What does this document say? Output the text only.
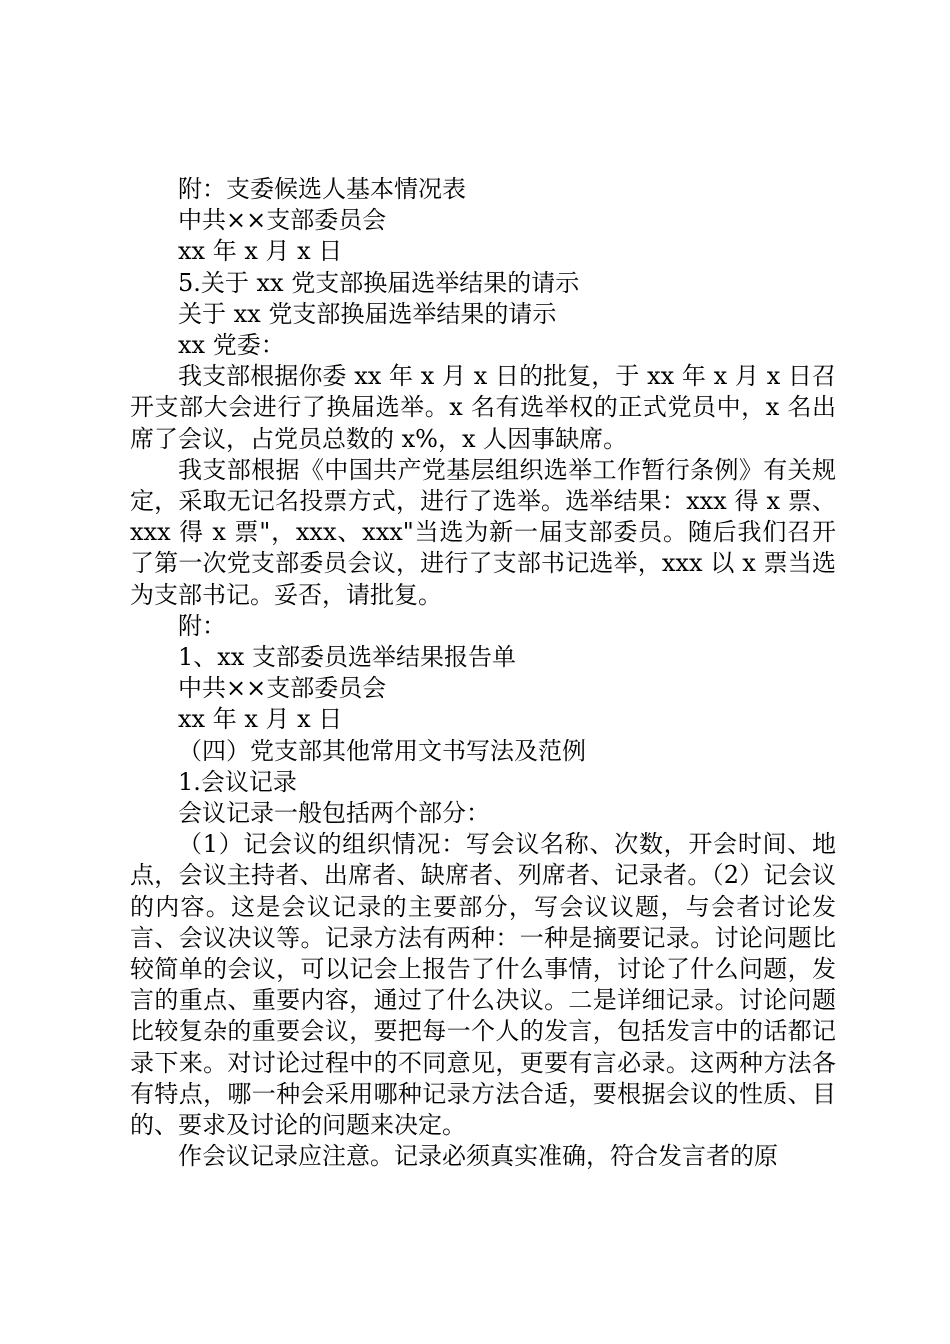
附：支委候选人基本情况表

中共××支部委员会

xx 年 x 月 x 日

5.关于 xx 党支部换届选举结果的请示

关于 xx 党支部换届选举结果的请示

xx 党委：

我支部根据你委 xx 年 x 月 x 日的批复，于 xx 年 x 月 x 日召开支部大会进行了换届选举。x 名有选举权的正式党员中，x 名出席了会议，占党员总数的 x%，x 人因事缺席。

我支部根据《中国共产党基层组织选举工作暂行条例》有关规定，采取无记名投票方式，进行了选举。选举结果：xxx 得 x 票、xxx 得 x 票"，xxx、xxx"当选为新一届支部委员。随后我们召开了第一次党支部委员会议，进行了支部书记选举，xxx 以 x 票当选为支部书记。妥否，请批复。

附：

1、xx 支部委员选举结果报告单

中共××支部委员会

xx 年 x 月 x 日

（四）党支部其他常用文书写法及范例

1.会议记录

会议记录一般包括两个部分：

（1）记会议的组织情况：写会议名称、次数，开会时间、地点，会议主持者、出席者、缺席者、列席者、记录者。（2）记会议的内容。这是会议记录的主要部分，写会议议题，与会者讨论发言、会议决议等。记录方法有两种：一种是摘要记录。讨论问题比较简单的会议，可以记会上报告了什么事情，讨论了什么问题，发言的重点、重要内容，通过了什么决议。二是详细记录。讨论问题比较复杂的重要会议，要把每一个人的发言，包括发言中的话都记录下来。对讨论过程中的不同意见，更要有言必录。这两种方法各有特点，哪一种会采用哪种记录方法合适，要根据会议的性质、目的、要求及讨论的问题来决定。

作会议记录应注意。记录必须真实准确，符合发言者的原
